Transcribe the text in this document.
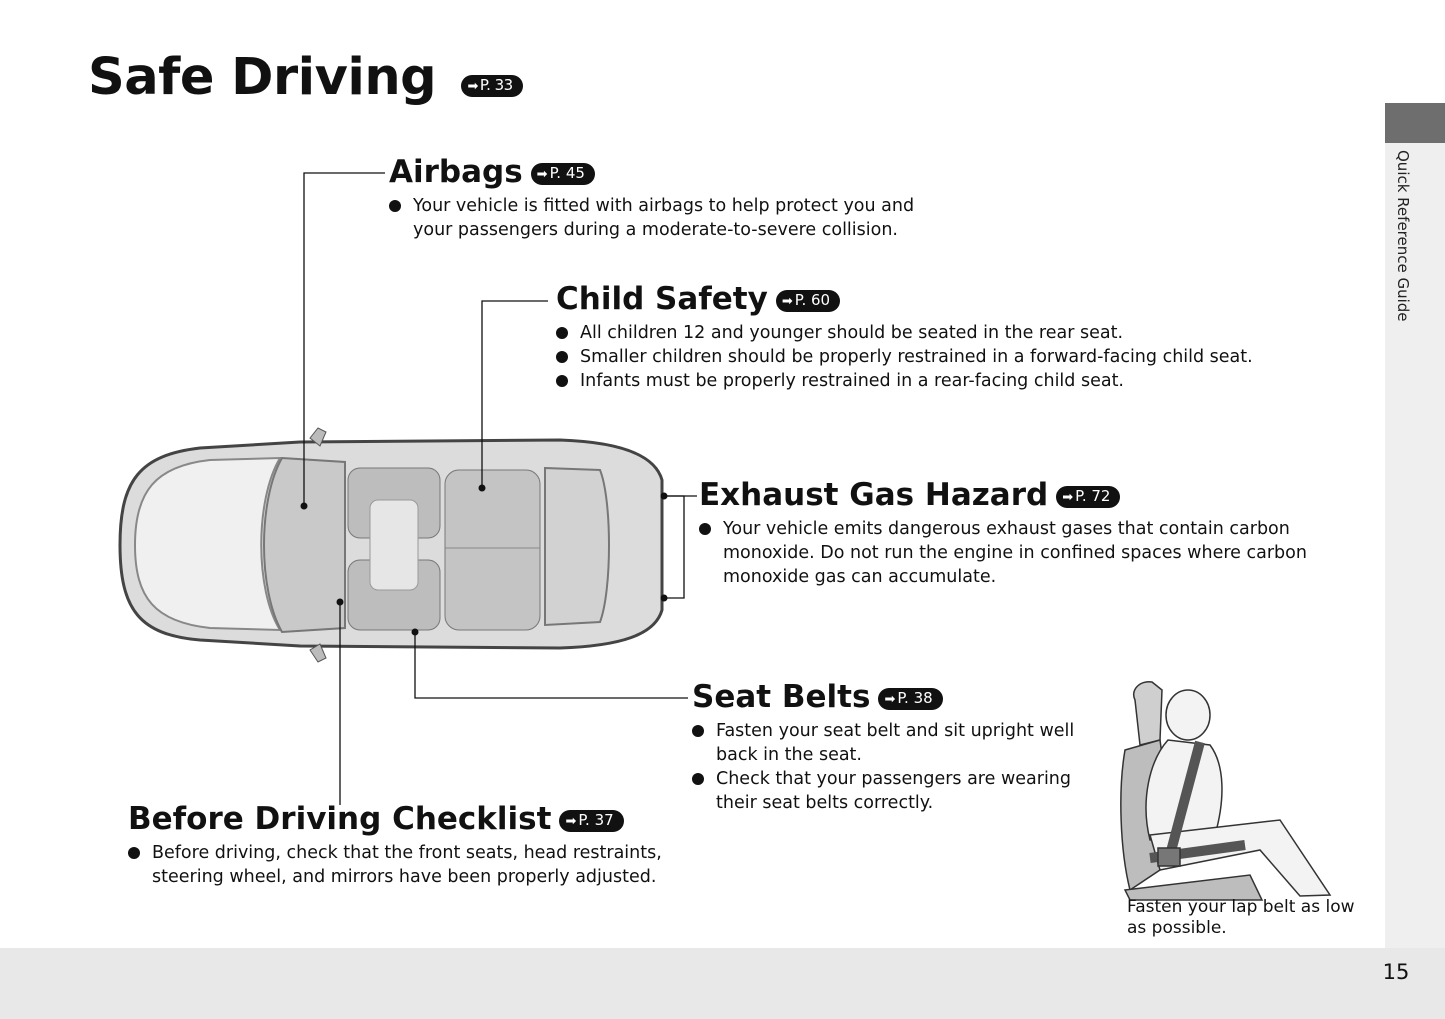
Quick Reference Guide
15
Safe Driving ➡ P. 33
Airbags ➡ P. 45
Your vehicle is fitted with airbags to help protect you and your passengers during a moderate-to-severe collision.
Child Safety ➡ P. 60
All children 12 and younger should be seated in the rear seat.
Smaller children should be properly restrained in a forward-facing child seat.
Infants must be properly restrained in a rear-facing child seat.
Exhaust Gas Hazard ➡ P. 72
Your vehicle emits dangerous exhaust gases that contain carbon monoxide. Do not run the engine in confined spaces where carbon monoxide gas can accumulate.
Seat Belts ➡ P. 38
Fasten your seat belt and sit upright well back in the seat.
Check that your passengers are wearing their seat belts correctly.
Before Driving Checklist ➡ P. 37
Before driving, check that the front seats, head restraints, steering wheel, and mirrors have been properly adjusted.
Fasten your lap belt as low as possible.
